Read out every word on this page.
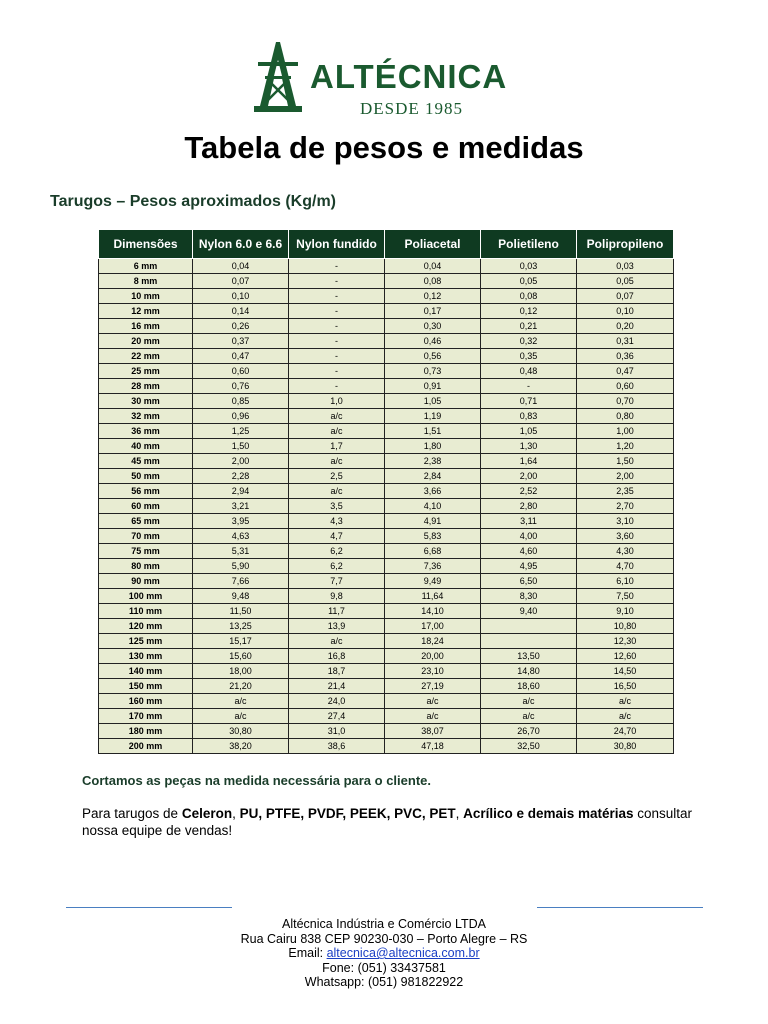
ALTÉCNICA
DESDE 1985
Tabela de pesos e medidas
Tarugos – Pesos aproximados (Kg/m)
Dimensões	Nylon 6.0 e 6.6	Nylon fundido	Poliacetal	Polietileno	Polipropileno
6 mm	0,04	-	0,04	0,03	0,03
8 mm	0,07	-	0,08	0,05	0,05
10 mm	0,10	-	0,12	0,08	0,07
12 mm	0,14	-	0,17	0,12	0,10
16 mm	0,26	-	0,30	0,21	0,20
20 mm	0,37	-	0,46	0,32	0,31
22 mm	0,47	-	0,56	0,35	0,36
25 mm	0,60	-	0,73	0,48	0,47
28 mm	0,76	-	0,91	-	0,60
30 mm	0,85	1,0	1,05	0,71	0,70
32 mm	0,96	a/c	1,19	0,83	0,80
36 mm	1,25	a/c	1,51	1,05	1,00
40 mm	1,50	1,7	1,80	1,30	1,20
45 mm	2,00	a/c	2,38	1,64	1,50
50 mm	2,28	2,5	2,84	2,00	2,00
56 mm	2,94	a/c	3,66	2,52	2,35
60 mm	3,21	3,5	4,10	2,80	2,70
65 mm	3,95	4,3	4,91	3,11	3,10
70 mm	4,63	4,7	5,83	4,00	3,60
75 mm	5,31	6,2	6,68	4,60	4,30
80 mm	5,90	6,2	7,36	4,95	4,70
90 mm	7,66	7,7	9,49	6,50	6,10
100 mm	9,48	9,8	11,64	8,30	7,50
110 mm	11,50	11,7	14,10	9,40	9,10
120 mm	13,25	13,9	17,00		10,80
125 mm	15,17	a/c	18,24		12,30
130 mm	15,60	16,8	20,00	13,50	12,60
140 mm	18,00	18,7	23,10	14,80	14,50
150 mm	21,20	21,4	27,19	18,60	16,50
160 mm	a/c	24,0	a/c	a/c	a/c
170 mm	a/c	27,4	a/c	a/c	a/c
180 mm	30,80	31,0	38,07	26,70	24,70
200 mm	38,20	38,6	47,18	32,50	30,80
Cortamos as peças na medida necessária para o cliente.
Para tarugos de Celeron, PU, PTFE, PVDF, PEEK, PVC, PET, Acrílico e demais matérias consultar nossa equipe de vendas!
Altécnica Indústria e Comércio LTDA
Rua Cairu 838 CEP 90230-030 – Porto Alegre – RS
Email: altecnica@altecnica.com.br
Fone: (051) 33437581
Whatsapp: (051) 981822922
